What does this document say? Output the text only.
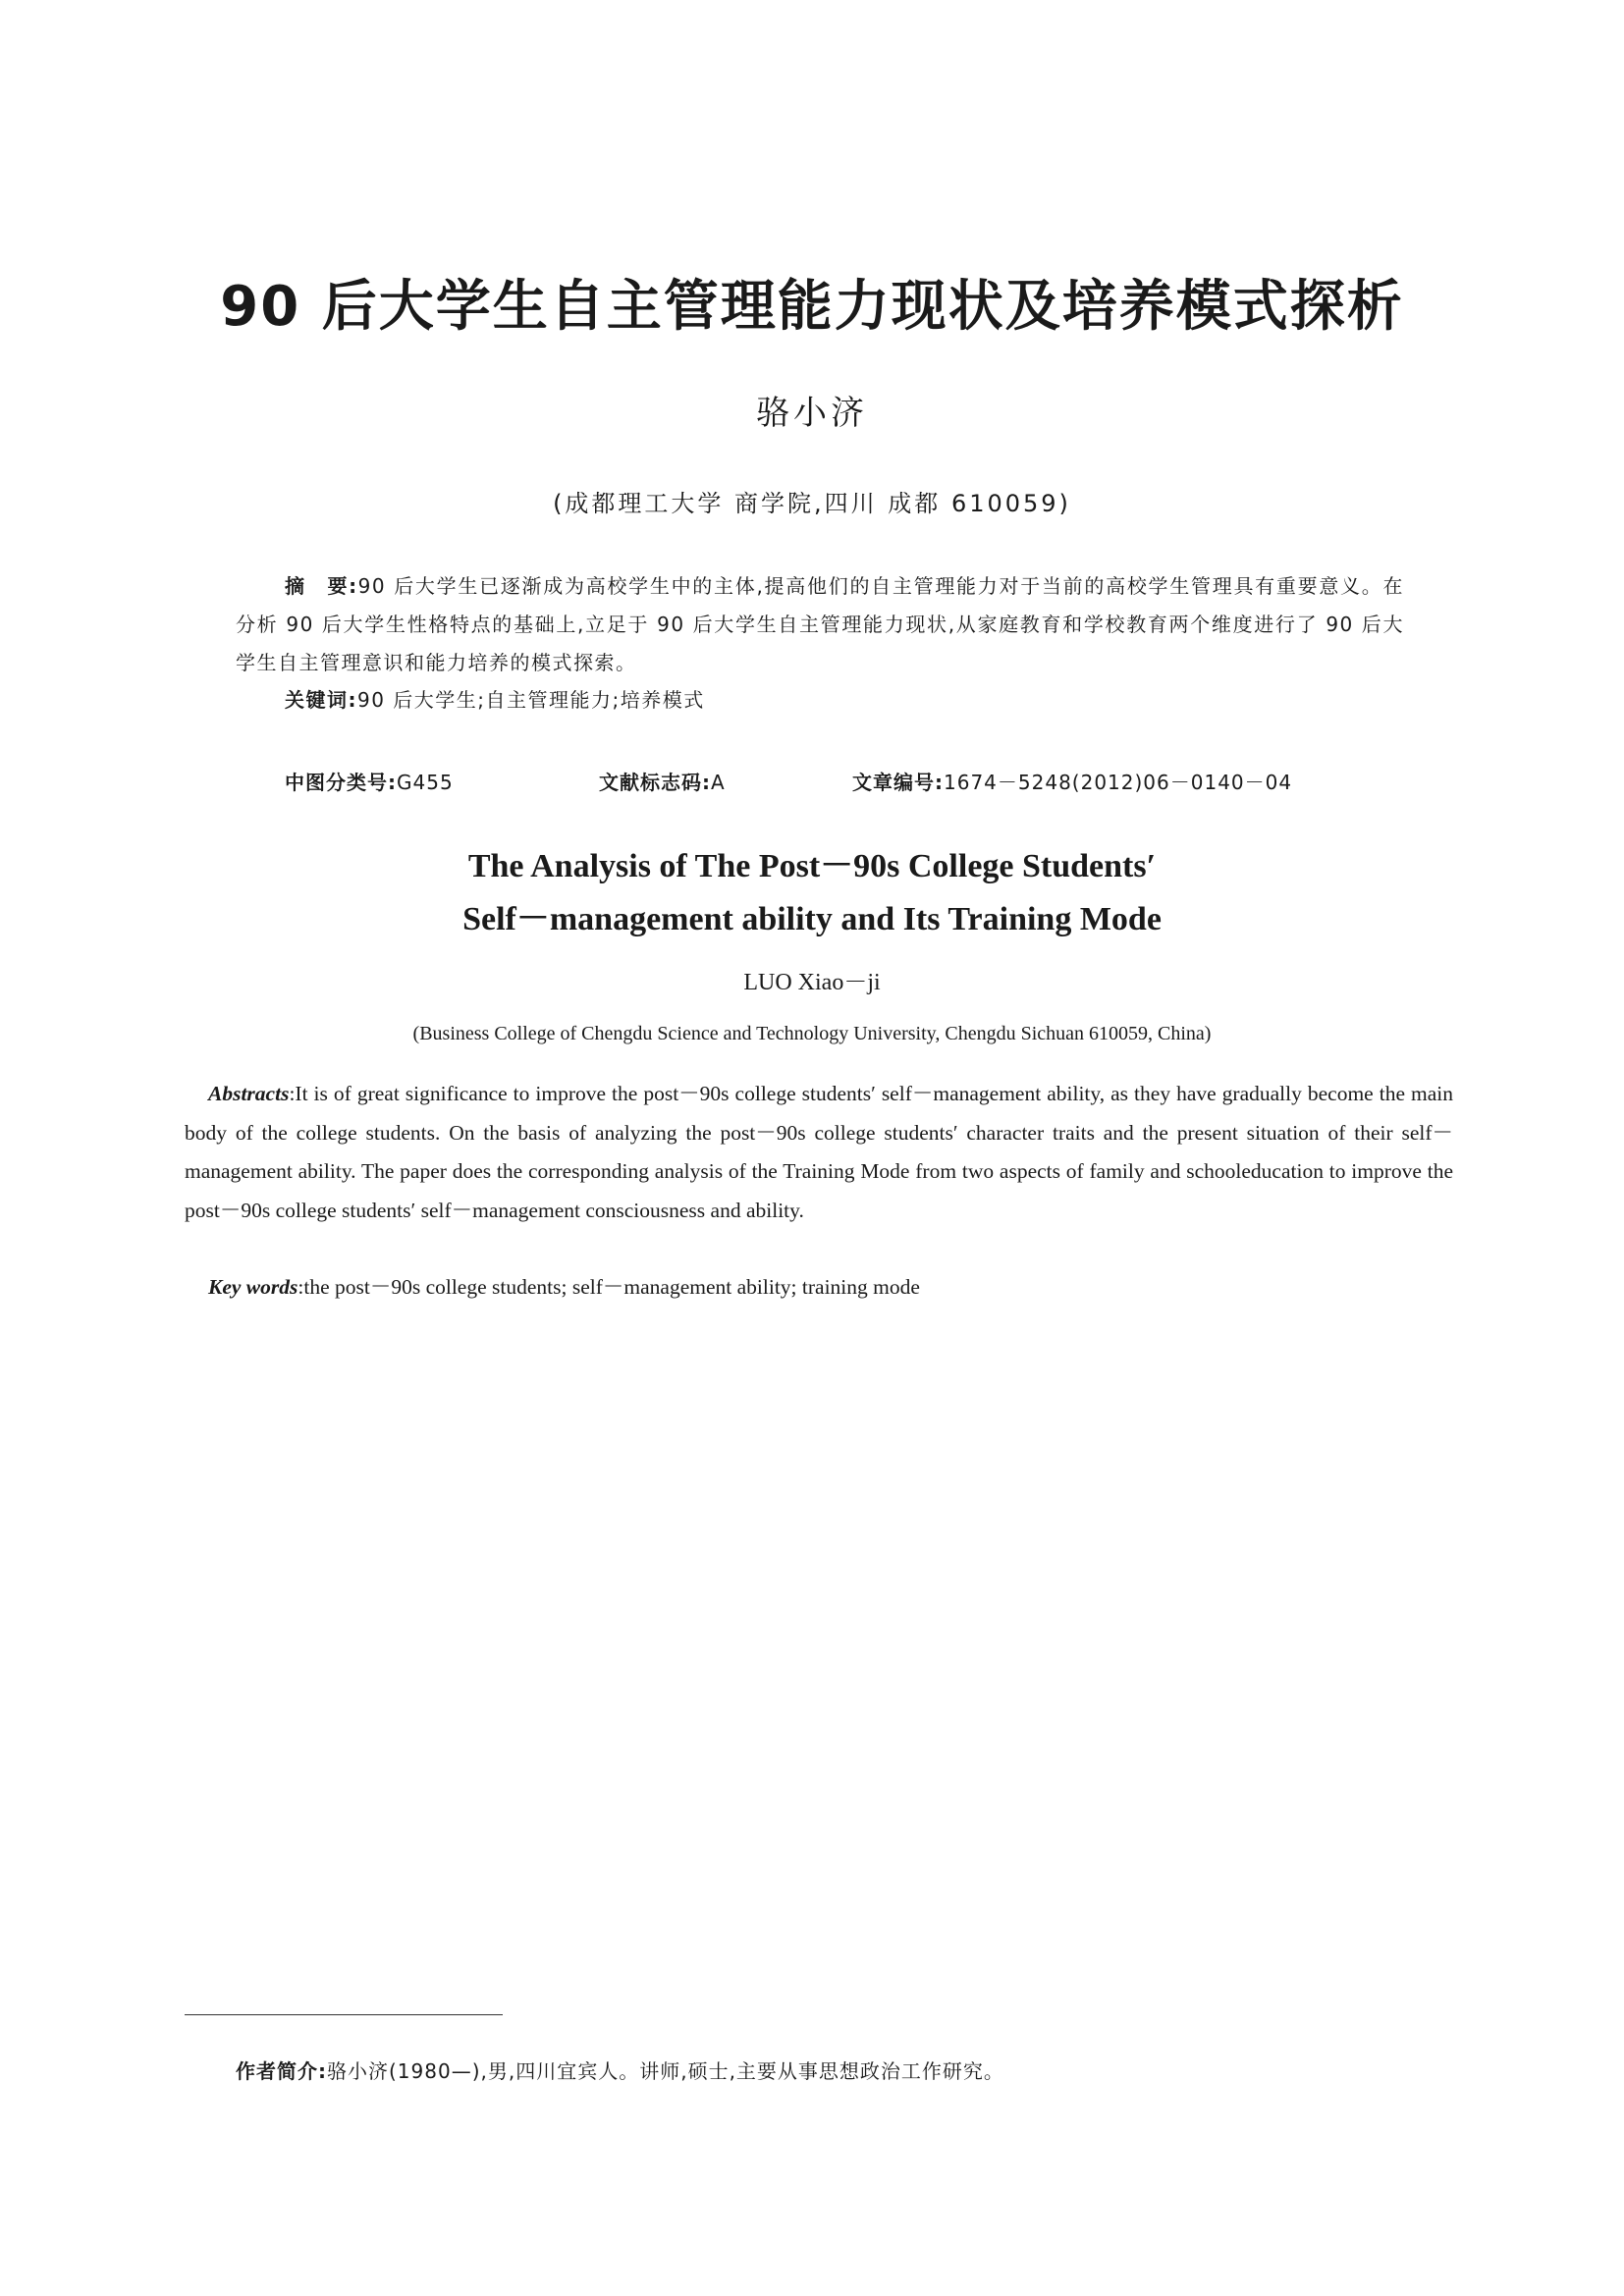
90 后大学生自主管理能力现状及培养模式探析
骆小济
(成都理工大学 商学院,四川 成都 610059)
摘　要:90 后大学生已逐渐成为高校学生中的主体,提高他们的自主管理能力对于当前的高校学生管理具有重要意义。在分析 90 后大学生性格特点的基础上,立足于 90 后大学生自主管理能力现状,从家庭教育和学校教育两个维度进行了 90 后大学生自主管理意识和能力培养的模式探索。
关键词:90 后大学生;自主管理能力;培养模式
中图分类号:G455	文献标志码:A	文章编号:1674－5248(2012)06－0140－04
The Analysis of The Post－90s College Students′
Self－management ability and Its Training Mode
LUO Xiao－ji
(Business College of Chengdu Science and Technology University, Chengdu Sichuan 610059, China)
Abstracts:It is of great significance to improve the post－90s college students′ self－management ability, as they have gradually become the main body of the college students. On the basis of analyzing the post－90s college students′ character traits and the present situation of their self－management ability. The paper does the corresponding analysis of the Training Mode from two aspects of family and schooleducation to improve the post－90s college students′ self－management consciousness and ability.
Key words:the post－90s college students; self－management ability; training mode
作者简介:骆小济(1980—),男,四川宜宾人。讲师,硕士,主要从事思想政治工作研究。
